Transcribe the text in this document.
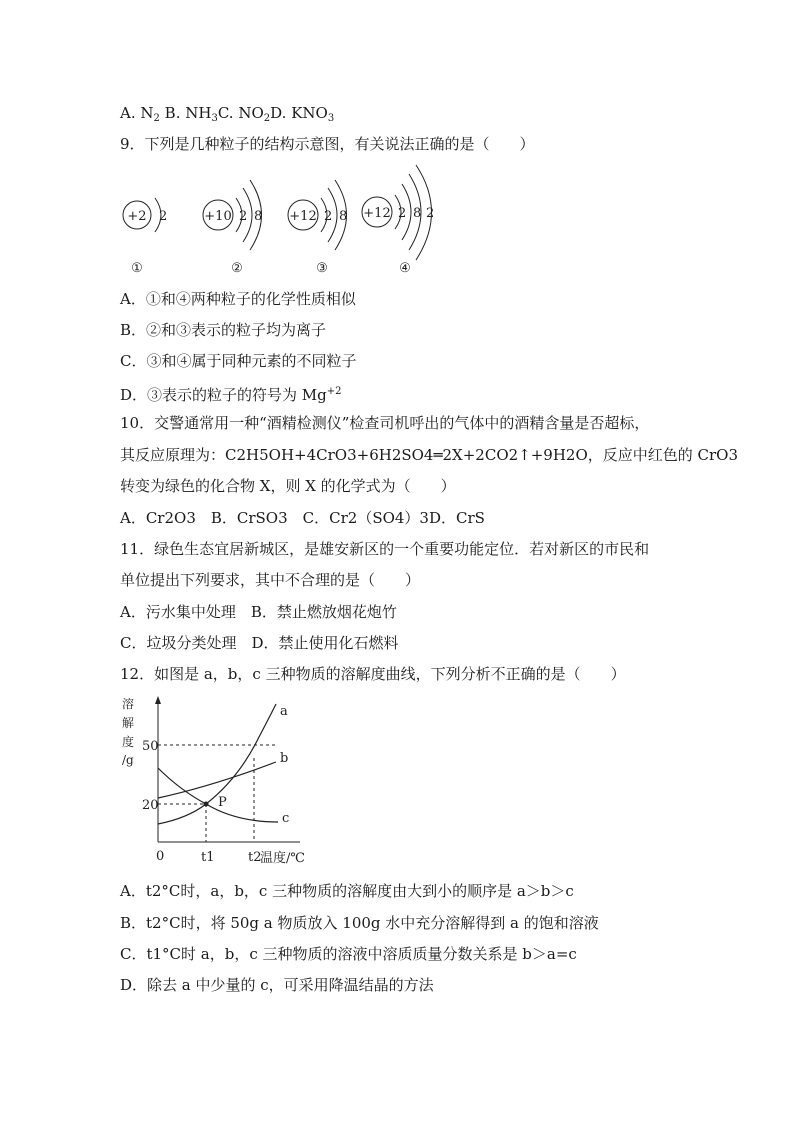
A. $N_2$ B. $NH_3C$. $NO_2D$. $KNO_3$
9．下列是几种粒子的结构示意图，有关说法正确的是（　　）
+2 2
①
+10 2 8
②
+12 2 8
③
+12 2 8 2
④
A．①和④两种粒子的化学性质相似
B．②和③表示的粒子均为离子
C．③和④属于同种元素的不同粒子
D．③表示的粒子的符号为 $Mg^{+2}$
10．交警通常用一种“酒精检测仪”检查司机呼出的气体中的酒精含量是否超标，
其反应原理为：C2H5OH+4CrO3+6H2SO4═2X+2CO2↑+9H2O，反应中红色的 CrO3
转变为绿色的化合物 X，则 X 的化学式为（　　）
A．Cr2O3　B．CrSO3　C．Cr2（SO4）3D．CrS
11．绿色生态宜居新城区，是雄安新区的一个重要功能定位．若对新区的市民和
单位提出下列要求，其中不合理的是（　　）
A．污水集中处理　B．禁止燃放烟花炮竹
C．垃圾分类处理　D．禁止使用化石燃料
12．如图是 a，b，c 三种物质的溶解度曲线，下列分析不正确的是（　　）
溶
解
度
/g
50
20
0	t1	t2
温度/℃
a
b
c
P
A．t2°C时，a，b，c 三种物质的溶解度由大到小的顺序是 a＞b＞c
B．t2°C时，将 50g a 物质放入 100g 水中充分溶解得到 a 的饱和溶液
C．t1°C时 a，b，c 三种物质的溶液中溶质质量分数关系是 b＞a=c
D．除去 a 中少量的 c，可采用降温结晶的方法
